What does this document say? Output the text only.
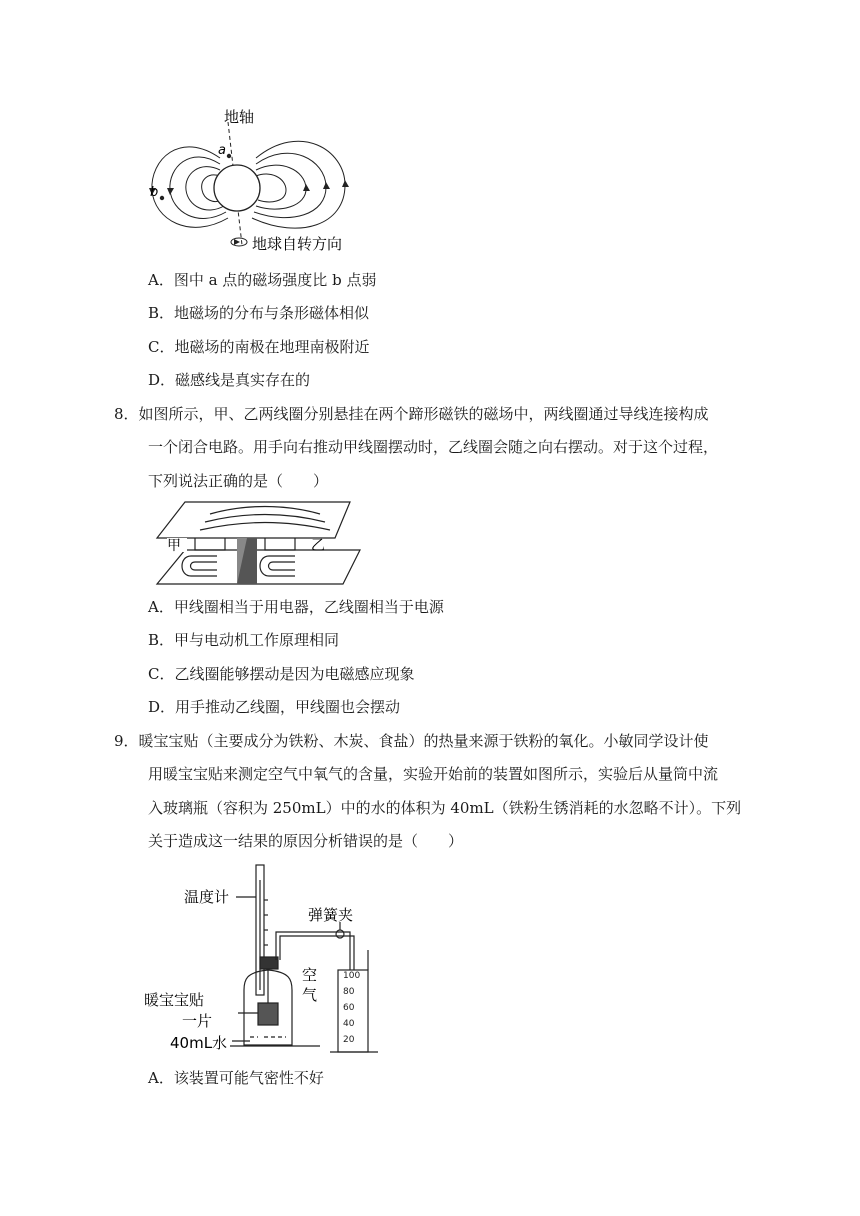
a
b
地轴
地球自转方向
A．图中 a 点的磁场强度比 b 点弱
B．地磁场的分布与条形磁体相似
C．地磁场的南极在地理南极附近
D．磁感线是真实存在的
8．如图所示，甲、乙两线圈分别悬挂在两个蹄形磁铁的磁场中，两线圈通过导线连接构成
一个闭合电路。用手向右推动甲线圈摆动时，乙线圈会随之向右摆动。对于这个过程，
下列说法正确的是（　　）
甲	乙
A．甲线圈相当于用电器，乙线圈相当于电源
B．甲与电动机工作原理相同
C．乙线圈能够摆动是因为电磁感应现象
D．用手推动乙线圈，甲线圈也会摆动
9．暖宝宝贴（主要成分为铁粉、木炭、食盐）的热量来源于铁粉的氧化。小敏同学设计使
用暖宝宝贴来测定空气中氧气的含量，实验开始前的装置如图所示，实验后从量筒中流
入玻璃瓶（容积为 250mL）中的水的体积为 40mL（铁粉生锈消耗的水忽略不计）。下列
关于造成这一结果的原因分析错误的是（　　）
100
80
60
40
20
温度计
弹簧夹
空
气
暖宝宝贴
一片
40mL水
A．该装置可能气密性不好
